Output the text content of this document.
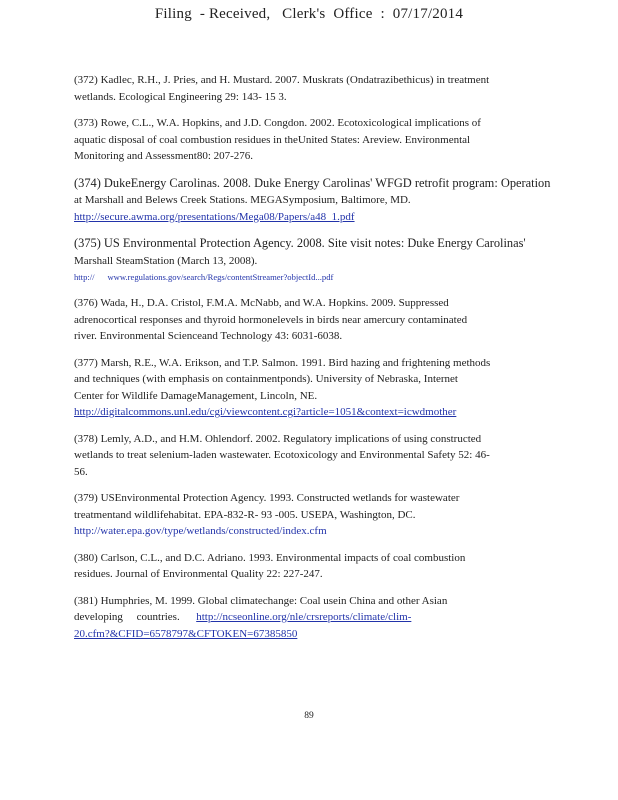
Filing  - Received,   Clerk's  Office  :  07/17/2014

(372) Kadlec, R.H., J. Pries, and H. Mustard. 2007. Muskrats (Ondatrazibethicus) in treatment

wetlands. Ecological Engineering 29: 143- 15 3.

(373) Rowe, C.L., W.A. Hopkins, and J.D. Congdon. 2002. Ecotoxicological implications of

aquatic disposal of coal combustion residues in theUnited States: Areview. Environmental

Monitoring and Assessment80: 207-276.

(374) DukeEnergy Carolinas. 2008. Duke Energy Carolinas' WFGD retrofit program: Operation

at Marshall and Belews Creek Stations. MEGASymposium, Baltimore, MD.

http://secure.awma.org/presentations/Mega08/Papers/a48_1.pdf

(375) US Environmental Protection Agency. 2008. Site visit notes: Duke Energy Carolinas'

Marshall SteamStation (March 13, 2008).

http:// www.regulations.gov/search/Regs/contentStreamer?objectId...pdf

(376) Wada, H., D.A. Cristol, F.M.A. McNabb, and W.A. Hopkins. 2009. Suppressed

adrenocortical responses and thyroid hormonelevels in birds near amercury contaminated

river. Environmental Scienceand Technology 43: 6031-6038.

(377) Marsh, R.E., W.A. Erikson, and T.P. Salmon. 1991. Bird hazing and frightening methods

and techniques (with emphasis on containmentponds). University of Nebraska, Internet

Center for Wildlife DamageManagement, Lincoln, NE.

http://digitalcommons.unl.edu/cgi/viewcontent.cgi?article=1051&context=icwdmother

(378) Lemly, A.D., and H.M. Ohlendorf. 2002. Regulatory implications of using constructed

wetlands to treat selenium-laden wastewater. Ecotoxicology and Environmental Safety 52: 46-

56.

(379) USEnvironmental Protection Agency. 1993. Constructed wetlands for wastewater

treatmentand wildlifehabitat. EPA-832-R- 93 -005. USEPA, Washington, DC.

http://water.epa.gov/type/wetlands/constructed/index.cfm

(380) Carlson, C.L., and D.C. Adriano. 1993. Environmental impacts of coal combustion

residues. Journal of Environmental Quality 22: 227-247.

(381) Humphries, M. 1999. Global climatechange: Coal usein China and other Asian

developing     countries.      http://ncseonline.org/nle/crsreports/climate/clim-

20.cfm?&CFID=6578797&CFTOKEN=67385850

89
